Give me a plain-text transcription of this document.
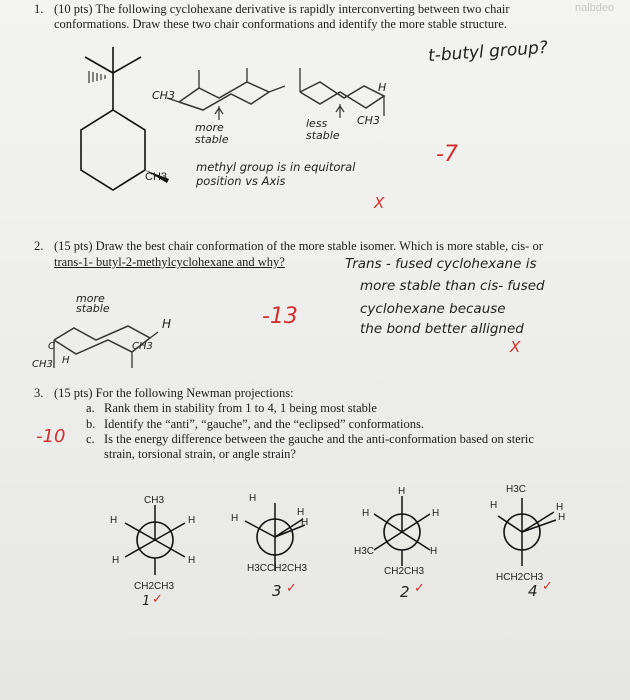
nalbdeo
1. (10 pts) The following cyclohexane derivative is rapidly interconverting between two chair
conformations. Draw these two chair conformations and identify the more stable structure.
t-butyl group?
CH3
CH3
more stable
H
less stable
CH3
methyl group is in equitoral position vs Axis
X
-7
2. (15 pts) Draw the best chair conformation of the more stable isomer. Which is more stable, cis- or
trans-1- butyl-2-methylcyclohexane and why?	Trans - fused cyclohexane is
more stable than cis- fused
cyclohexane because
the bond better alligned
more stable
H
CH3
C
CH3 H
-13
X
3. (15 pts) For the following Newman projections:
a. Rank them in stability from 1 to 4, 1 being most stable
b. Identify the “anti”, “gauche”, and the “eclipsed” conformations.
c. Is the energy difference between the gauche and the anti-conformation based on steric
strain, torsional strain, or angle strain?
-10
CH3
H	H
H	H
CH2CH3
1 ✓
H
H
H
H
H3CCH2CH3
3 ✓
H
H	H
H3C	H
CH2CH3
2 ✓
H3C
H	H
H
HCH2CH3
4 ✓
